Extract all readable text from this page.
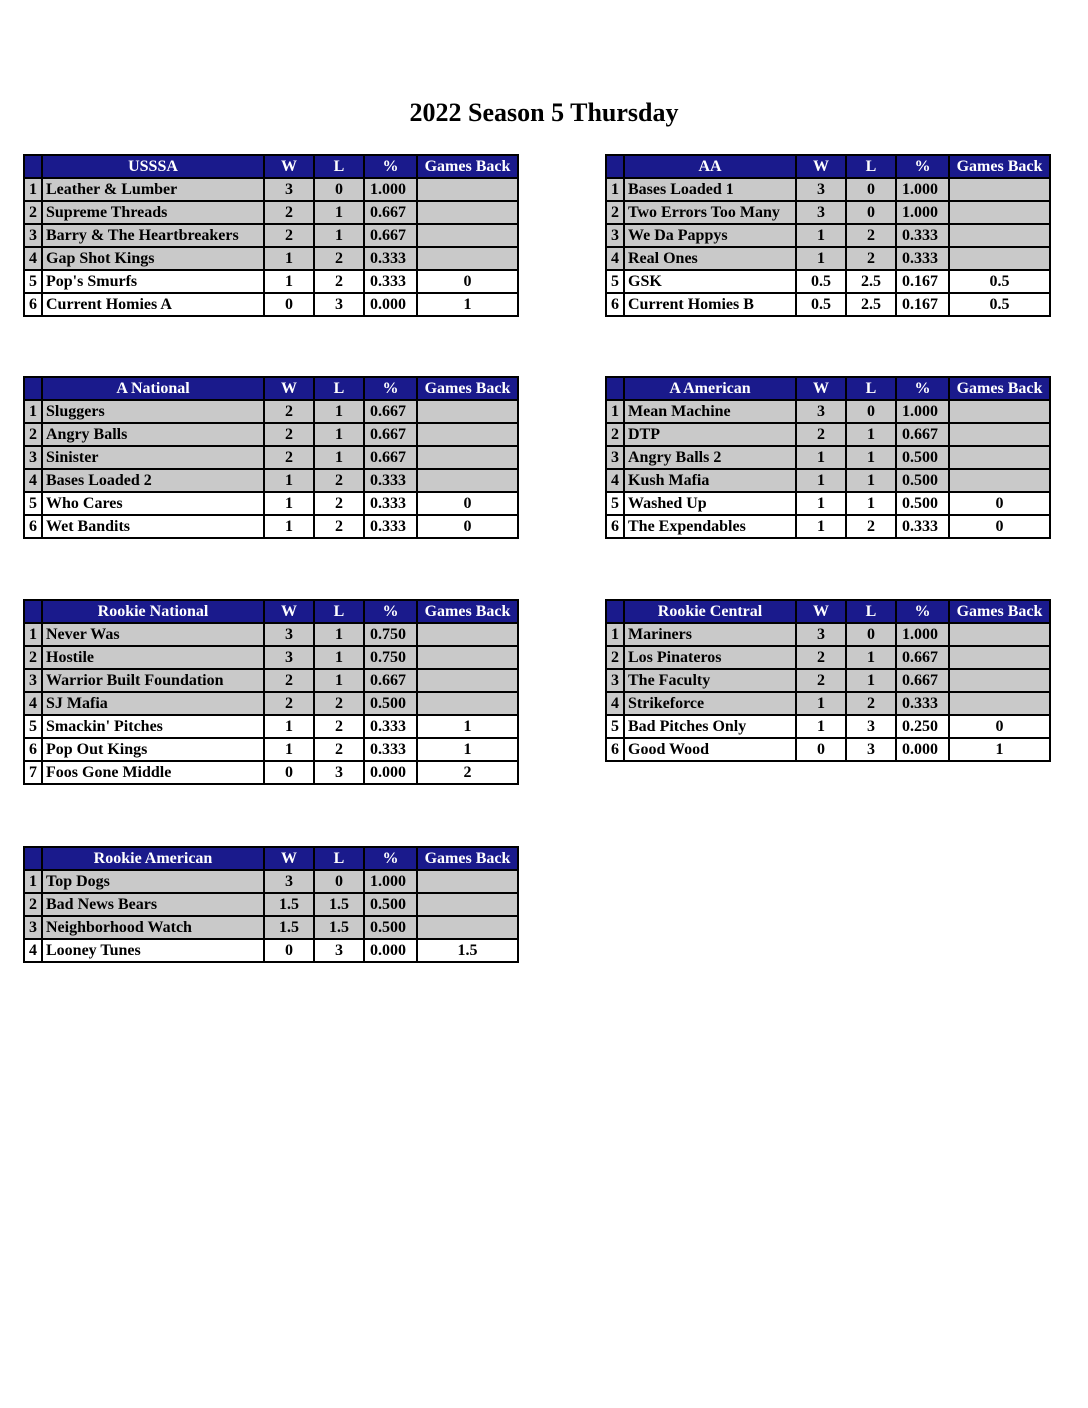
2022 Season 5 Thursday
	USSSA	W	L	%	Games Back
1	Leather & Lumber	3	0	1.000	
2	Supreme Threads	2	1	0.667	
3	Barry & The Heartbreakers	2	1	0.667	
4	Gap Shot Kings	1	2	0.333	
5	Pop's Smurfs	1	2	0.333	0
6	Current Homies A	0	3	0.000	1
	AA	W	L	%	Games Back
1	Bases Loaded 1	3	0	1.000	
2	Two Errors Too Many	3	0	1.000	
3	We Da Pappys	1	2	0.333	
4	Real Ones	1	2	0.333	
5	GSK	0.5	2.5	0.167	0.5
6	Current Homies B	0.5	2.5	0.167	0.5
	A National	W	L	%	Games Back
1	Sluggers	2	1	0.667	
2	Angry Balls	2	1	0.667	
3	Sinister	2	1	0.667	
4	Bases Loaded 2	1	2	0.333	
5	Who Cares	1	2	0.333	0
6	Wet Bandits	1	2	0.333	0
	A American	W	L	%	Games Back
1	Mean Machine	3	0	1.000	
2	DTP	2	1	0.667	
3	Angry Balls 2	1	1	0.500	
4	Kush Mafia	1	1	0.500	
5	Washed Up	1	1	0.500	0
6	The Expendables	1	2	0.333	0
	Rookie National	W	L	%	Games Back
1	Never Was	3	1	0.750	
2	Hostile	3	1	0.750	
3	Warrior Built Foundation	2	1	0.667	
4	SJ Mafia	2	2	0.500	
5	Smackin' Pitches	1	2	0.333	1
6	Pop Out Kings	1	2	0.333	1
7	Foos Gone Middle	0	3	0.000	2
	Rookie Central	W	L	%	Games Back
1	Mariners	3	0	1.000	
2	Los Pinateros	2	1	0.667	
3	The Faculty	2	1	0.667	
4	Strikeforce	1	2	0.333	
5	Bad Pitches Only	1	3	0.250	0
6	Good Wood	0	3	0.000	1
	Rookie American	W	L	%	Games Back
1	Top Dogs	3	0	1.000	
2	Bad News Bears	1.5	1.5	0.500	
3	Neighborhood Watch	1.5	1.5	0.500	
4	Looney Tunes	0	3	0.000	1.5
